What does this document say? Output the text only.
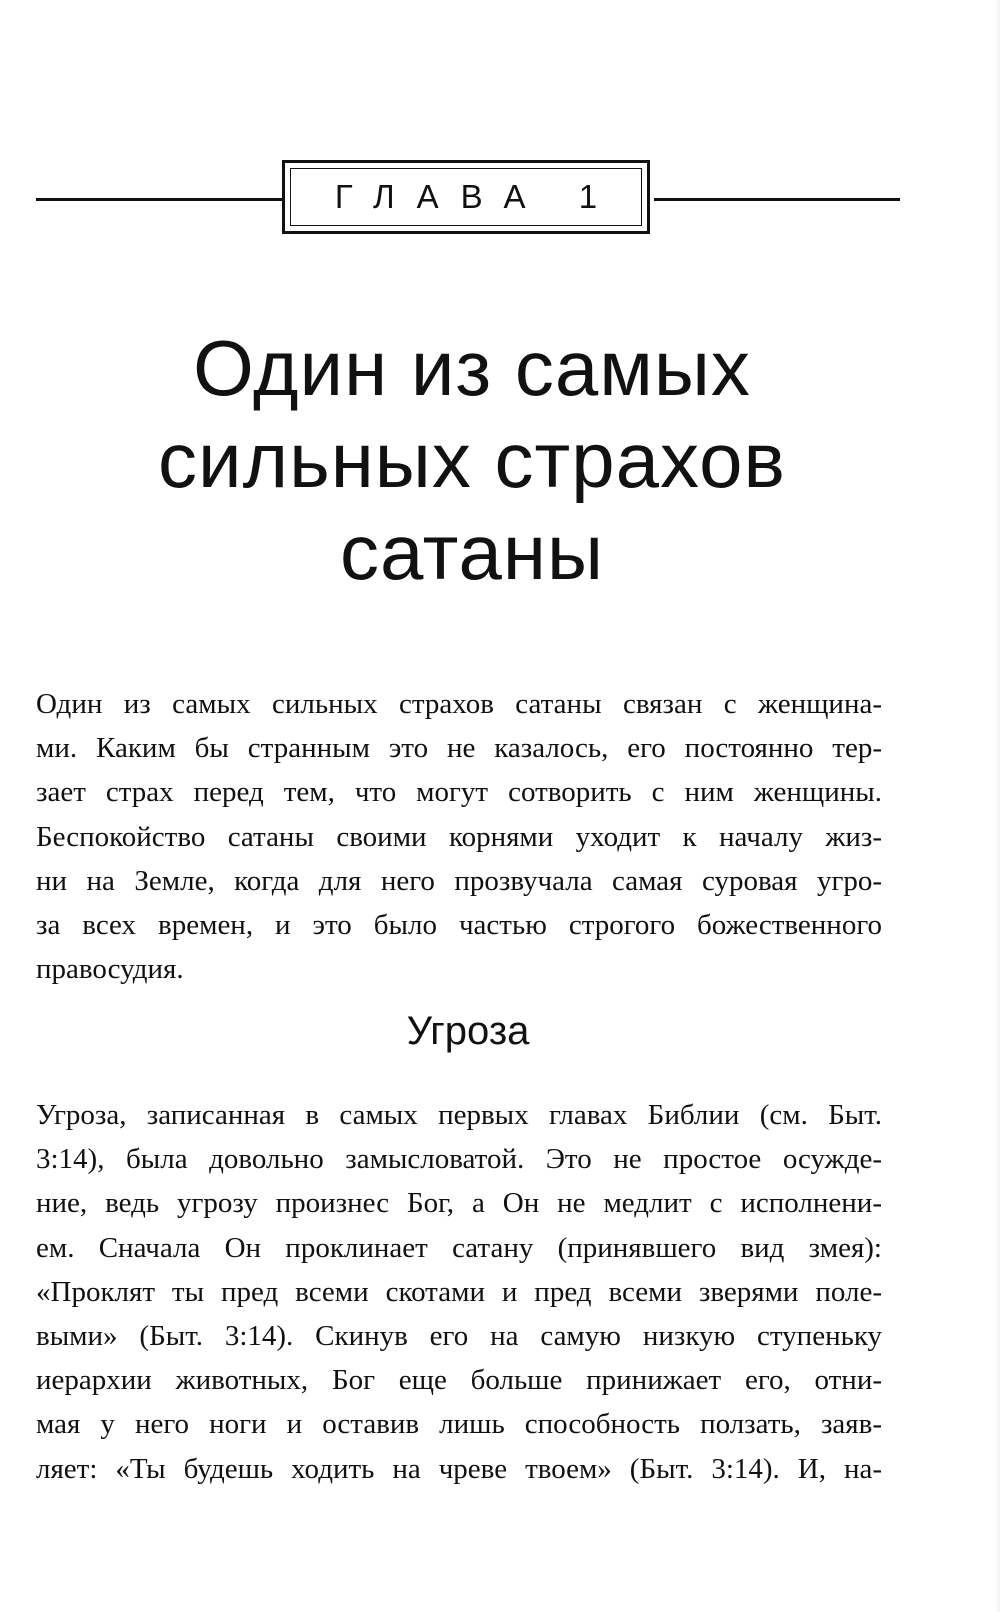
ГЛАВА 1
Один из самых
сильных страхов
сатаны

Один из самых сильных страхов сатаны связан с женщина-
ми. Каким бы странным это не казалось, его постоянно тер-
зает страх перед тем, что могут сотворить с ним женщины.
Беспокойство сатаны своими корнями уходит к началу жиз-
ни на Земле, когда для него прозвучала самая суровая угро-
за всех времен, и это было частью строгого божественного
правосудия.

Угроза

Угроза, записанная в самых первых главах Библии (см. Быт.
3:14), была довольно замысловатой. Это не простое осужде-
ние, ведь угрозу произнес Бог, а Он не медлит с исполнени-
ем. Сначала Он проклинает сатану (принявшего вид змея):
«Проклят ты пред всеми скотами и пред всеми зверями поле-
выми» (Быт. 3:14). Скинув его на самую низкую ступеньку
иерархии животных, Бог еще больше принижает его, отни-
мая у него ноги и оставив лишь способность ползать, заяв-
ляет: «Ты будешь ходить на чреве твоем» (Быт. 3:14). И, на-
